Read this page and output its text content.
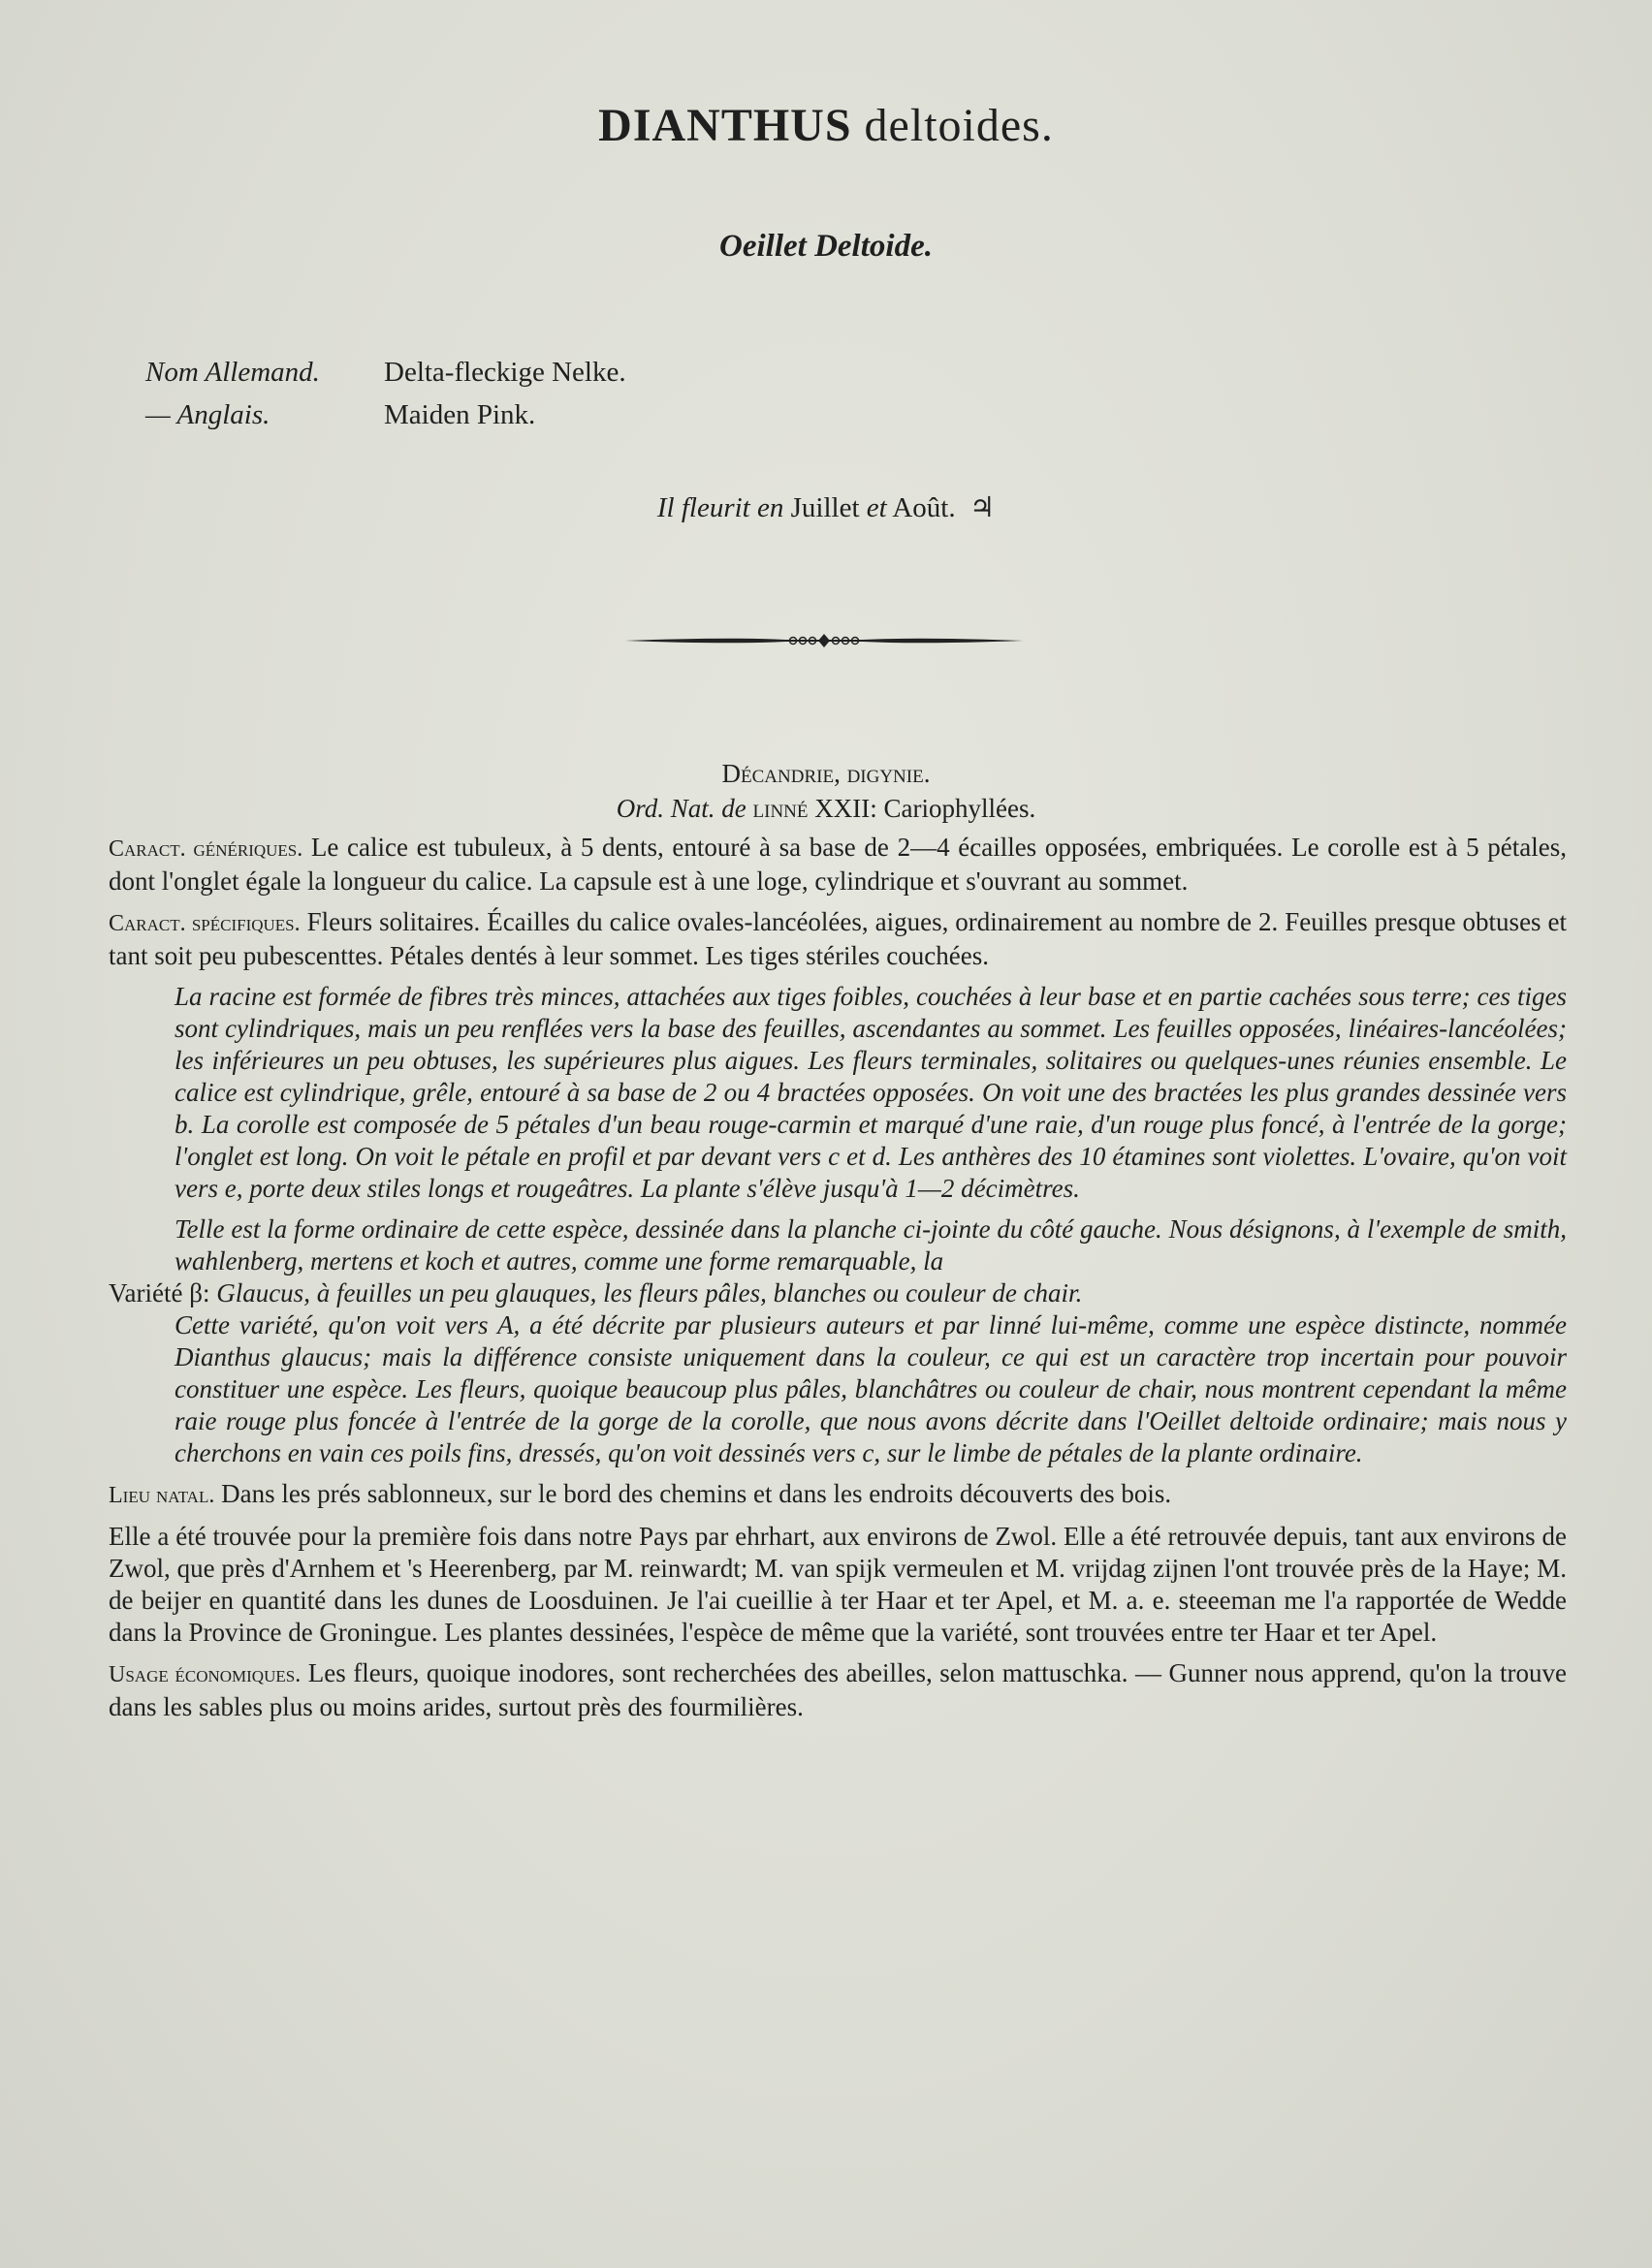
DIANTHUS deltoides.
Oeillet Deltoide.
Nom Allemand.	Delta-fleckige Nelke.
— Anglais.	Maiden Pink.
Il fleurit en Juillet et Août. ♃
Décandrie, digynie.
Ord. Nat. de linné XXII: Cariophyllées.

Caract. génériques. Le calice est tubuleux, à 5 dents, entouré à sa base de 2—4 écailles opposées, embriquées. Le corolle est à 5 pétales, dont l'onglet égale la longueur du calice. La capsule est à une loge, cylindrique et s'ouvrant au sommet.

Caract. spécifiques. Fleurs solitaires. Écailles du calice ovales-lancéolées, aigues, ordinairement au nombre de 2. Feuilles presque obtuses et tant soit peu pubescenttes. Pétales dentés à leur sommet. Les tiges stériles couchées.

La racine est formée de fibres très minces, attachées aux tiges foibles, couchées à leur base et en partie cachées sous terre; ces tiges sont cylindriques, mais un peu renflées vers la base des feuilles, ascendantes au sommet. Les feuilles opposées, linéaires-lancéolées; les inférieures un peu obtuses, les supérieures plus aigues. Les fleurs terminales, solitaires ou quelques-unes réunies ensemble. Le calice est cylindrique, grêle, entouré à sa base de 2 ou 4 bractées opposées. On voit une des bractées les plus grandes dessinée vers b. La corolle est composée de 5 pétales d'un beau rouge-carmin et marqué d'une raie, d'un rouge plus foncé, à l'entrée de la gorge; l'onglet est long. On voit le pétale en profil et par devant vers c et d. Les anthères des 10 étamines sont violettes. L'ovaire, qu'on voit vers e, porte deux stiles longs et rougeâtres. La plante s'élève jusqu'à 1—2 décimètres.

Telle est la forme ordinaire de cette espèce, dessinée dans la planche ci-jointe du côté gauche. Nous désignons, à l'exemple de smith, wahlenberg, mertens et koch et autres, comme une forme remarquable, la

Variété β: Glaucus, à feuilles un peu glauques, les fleurs pâles, blanches ou couleur de chair.

Cette variété, qu'on voit vers A, a été décrite par plusieurs auteurs et par linné lui-même, comme une espèce distincte, nommée Dianthus glaucus; mais la différence consiste uniquement dans la couleur, ce qui est un caractère trop incertain pour pouvoir constituer une espèce. Les fleurs, quoique beaucoup plus pâles, blanchâtres ou couleur de chair, nous montrent cependant la même raie rouge plus foncée à l'entrée de la gorge de la corolle, que nous avons décrite dans l'Oeillet deltoide ordinaire; mais nous y cherchons en vain ces poils fins, dressés, qu'on voit dessinés vers c, sur le limbe de pétales de la plante ordinaire.

Lieu natal. Dans les prés sablonneux, sur le bord des chemins et dans les endroits découverts des bois.

Elle a été trouvée pour la première fois dans notre Pays par ehrhart, aux environs de Zwol. Elle a été retrouvée depuis, tant aux environs de Zwol, que près d'Arnhem et 's Heerenberg, par M. reinwardt; M. van spijk vermeulen et M. vrijdag zijnen l'ont trouvée près de la Haye; M. de beijer en quantité dans les dunes de Loosduinen. Je l'ai cueillie à ter Haar et ter Apel, et M. a. e. steeeman me l'a rapportée de Wedde dans la Province de Groningue. Les plantes dessinées, l'espèce de même que la variété, sont trouvées entre ter Haar et ter Apel.

Usage économiques. Les fleurs, quoique inodores, sont recherchées des abeilles, selon mattuschka. — Gunner nous apprend, qu'on la trouve dans les sables plus ou moins arides, surtout près des fourmilières.
